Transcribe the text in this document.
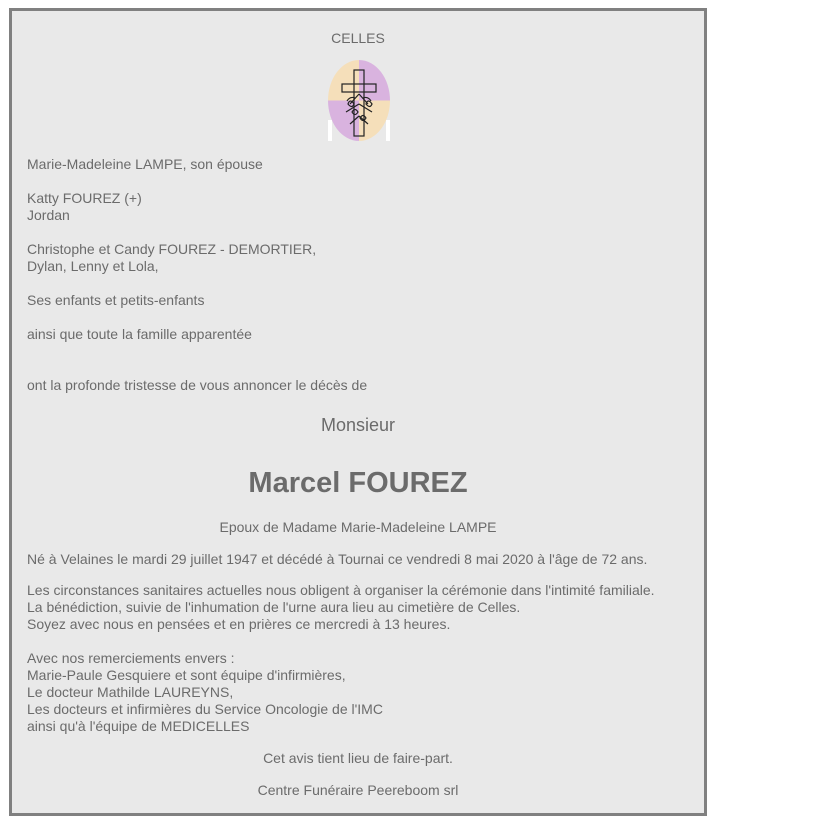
CELLES
Marie-Madeleine LAMPE, son épouse
Katty FOUREZ (+)
Jordan
Christophe et Candy FOUREZ - DEMORTIER,
Dylan, Lenny et Lola,
Ses enfants et petits-enfants
ainsi que toute la famille apparentée
ont la profonde tristesse de vous annoncer le décès de
Monsieur
Marcel FOUREZ
Epoux de Madame Marie-Madeleine LAMPE
Né à Velaines le mardi 29 juillet 1947 et décédé à Tournai ce vendredi 8 mai 2020 à l'âge de 72 ans.
Les circonstances sanitaires actuelles nous obligent à organiser la cérémonie dans l'intimité familiale.
La bénédiction, suivie de l'inhumation de l'urne aura lieu au cimetière de Celles.
Soyez avec nous en pensées et en prières ce mercredi à 13 heures.
Avec nos remerciements envers :
Marie-Paule Gesquiere et sont équipe d'infirmières,
Le docteur Mathilde LAUREYNS,
Les docteurs et infirmières du Service Oncologie de l'IMC
ainsi qu'à l'équipe de MEDICELLES
Cet avis tient lieu de faire-part.
Centre Funéraire Peereboom srl
